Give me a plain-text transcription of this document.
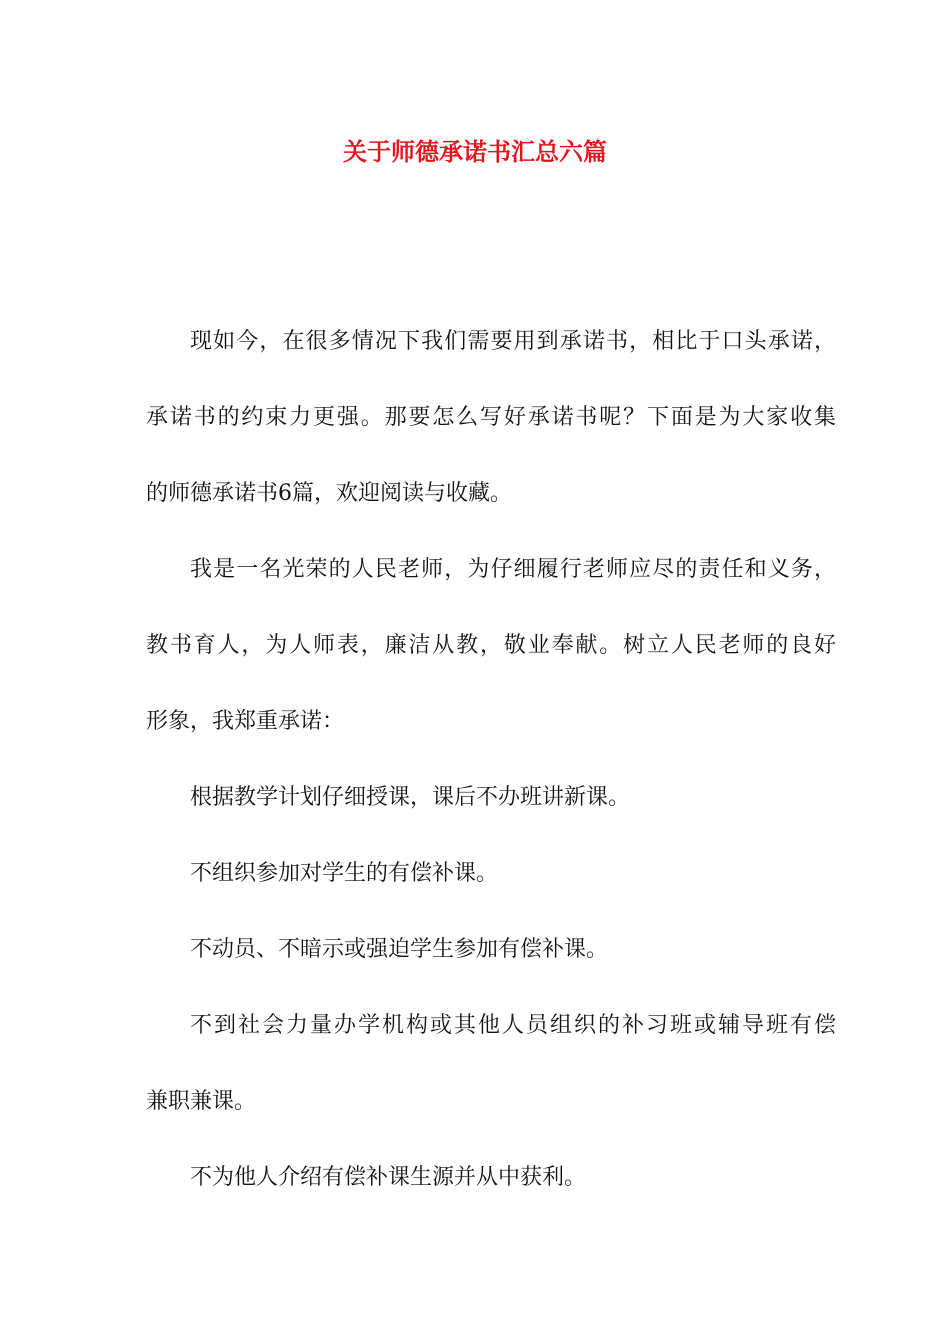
关于师德承诺书汇总六篇
现如今，在很多情况下我们需要用到承诺书，相比于口头承诺，
承诺书的约束力更强。那要怎么写好承诺书呢？下面是为大家收集
的师德承诺书6篇，欢迎阅读与收藏。
我是一名光荣的人民老师，为仔细履行老师应尽的责任和义务，
教书育人，为人师表，廉洁从教，敬业奉献。树立人民老师的良好
形象，我郑重承诺：
根据教学计划仔细授课，课后不办班讲新课。
不组织参加对学生的有偿补课。
不动员、不暗示或强迫学生参加有偿补课。
不到社会力量办学机构或其他人员组织的补习班或辅导班有偿
兼职兼课。
不为他人介绍有偿补课生源并从中获利。
